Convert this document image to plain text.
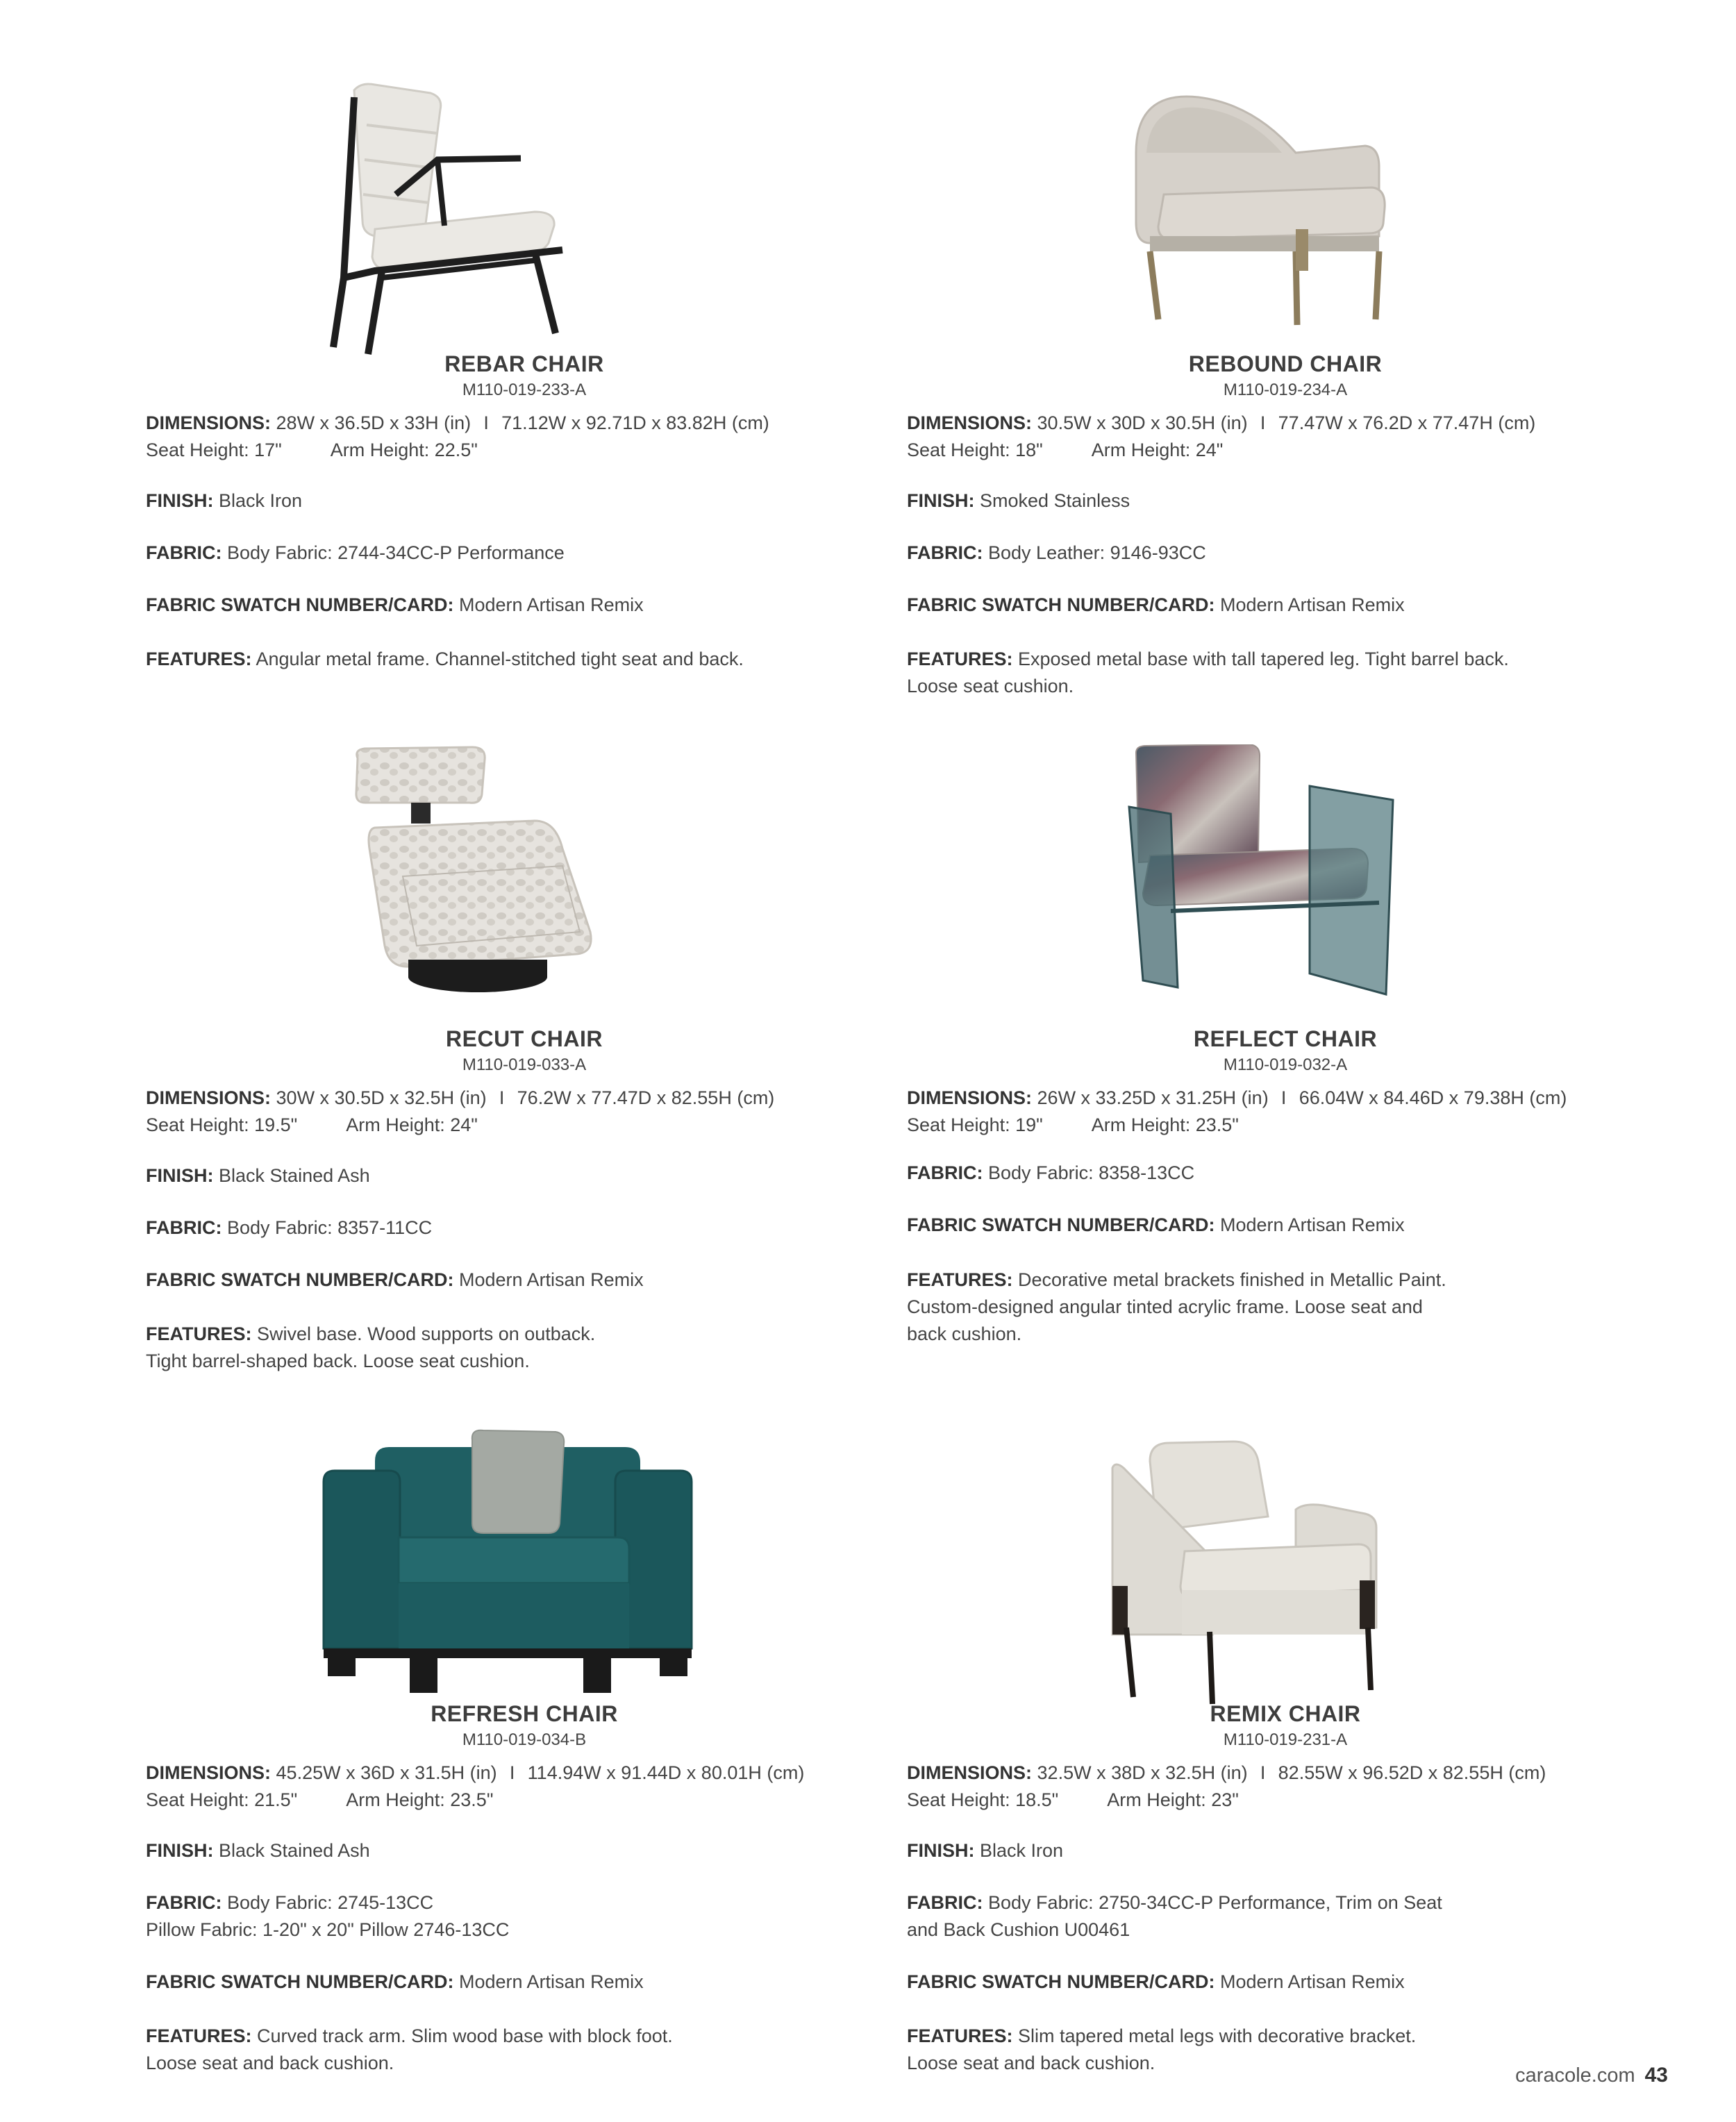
REBAR CHAIR
M110-019-233-A
DIMENSIONS: 28W x 36.5D x 33H (in) I 71.12W x 92.71D x 83.82H (cm)
Seat Height: 17"	Arm Height: 22.5"
FINISH: Black Iron
FABRIC: Body Fabric: 2744-34CC-P Performance
FABRIC SWATCH NUMBER/CARD: Modern Artisan Remix
FEATURES: Angular metal frame. Channel-stitched tight seat and back.
REBOUND CHAIR
M110-019-234-A
DIMENSIONS: 30.5W x 30D x 30.5H (in) I 77.47W x 76.2D x 77.47H (cm)
Seat Height: 18"	Arm Height: 24"
FINISH: Smoked Stainless
FABRIC: Body Leather: 9146-93CC
FABRIC SWATCH NUMBER/CARD: Modern Artisan Remix
FEATURES: Exposed metal base with tall tapered leg. Tight barrel back.
Loose seat cushion.
RECUT CHAIR
M110-019-033-A
DIMENSIONS: 30W x 30.5D x 32.5H (in) I 76.2W x 77.47D x 82.55H (cm)
Seat Height: 19.5"	Arm Height: 24"
FINISH: Black Stained Ash
FABRIC: Body Fabric: 8357-11CC
FABRIC SWATCH NUMBER/CARD: Modern Artisan Remix
FEATURES: Swivel base. Wood supports on outback.
Tight barrel-shaped back. Loose seat cushion.
REFLECT CHAIR
M110-019-032-A
DIMENSIONS: 26W x 33.25D x 31.25H (in) I 66.04W x 84.46D x 79.38H (cm)
Seat Height: 19"	Arm Height: 23.5"
FABRIC: Body Fabric: 8358-13CC
FABRIC SWATCH NUMBER/CARD: Modern Artisan Remix
FEATURES: Decorative metal brackets finished in Metallic Paint.
Custom-designed angular tinted acrylic frame. Loose seat and
back cushion.
REFRESH CHAIR
M110-019-034-B
DIMENSIONS: 45.25W x 36D x 31.5H (in) I 114.94W x 91.44D x 80.01H (cm)
Seat Height: 21.5"	Arm Height: 23.5"
FINISH: Black Stained Ash
FABRIC: Body Fabric: 2745-13CC
Pillow Fabric: 1-20" x 20" Pillow 2746-13CC
FABRIC SWATCH NUMBER/CARD: Modern Artisan Remix
FEATURES: Curved track arm. Slim wood base with block foot.
Loose seat and back cushion.
REMIX CHAIR
M110-019-231-A
DIMENSIONS: 32.5W x 38D x 32.5H (in) I 82.55W x 96.52D x 82.55H (cm)
Seat Height: 18.5"	Arm Height: 23"
FINISH: Black Iron
FABRIC: Body Fabric: 2750-34CC-P Performance, Trim on Seat
and Back Cushion U00461
FABRIC SWATCH NUMBER/CARD: Modern Artisan Remix
FEATURES: Slim tapered metal legs with decorative bracket.
Loose seat and back cushion.
caracole.com 43
